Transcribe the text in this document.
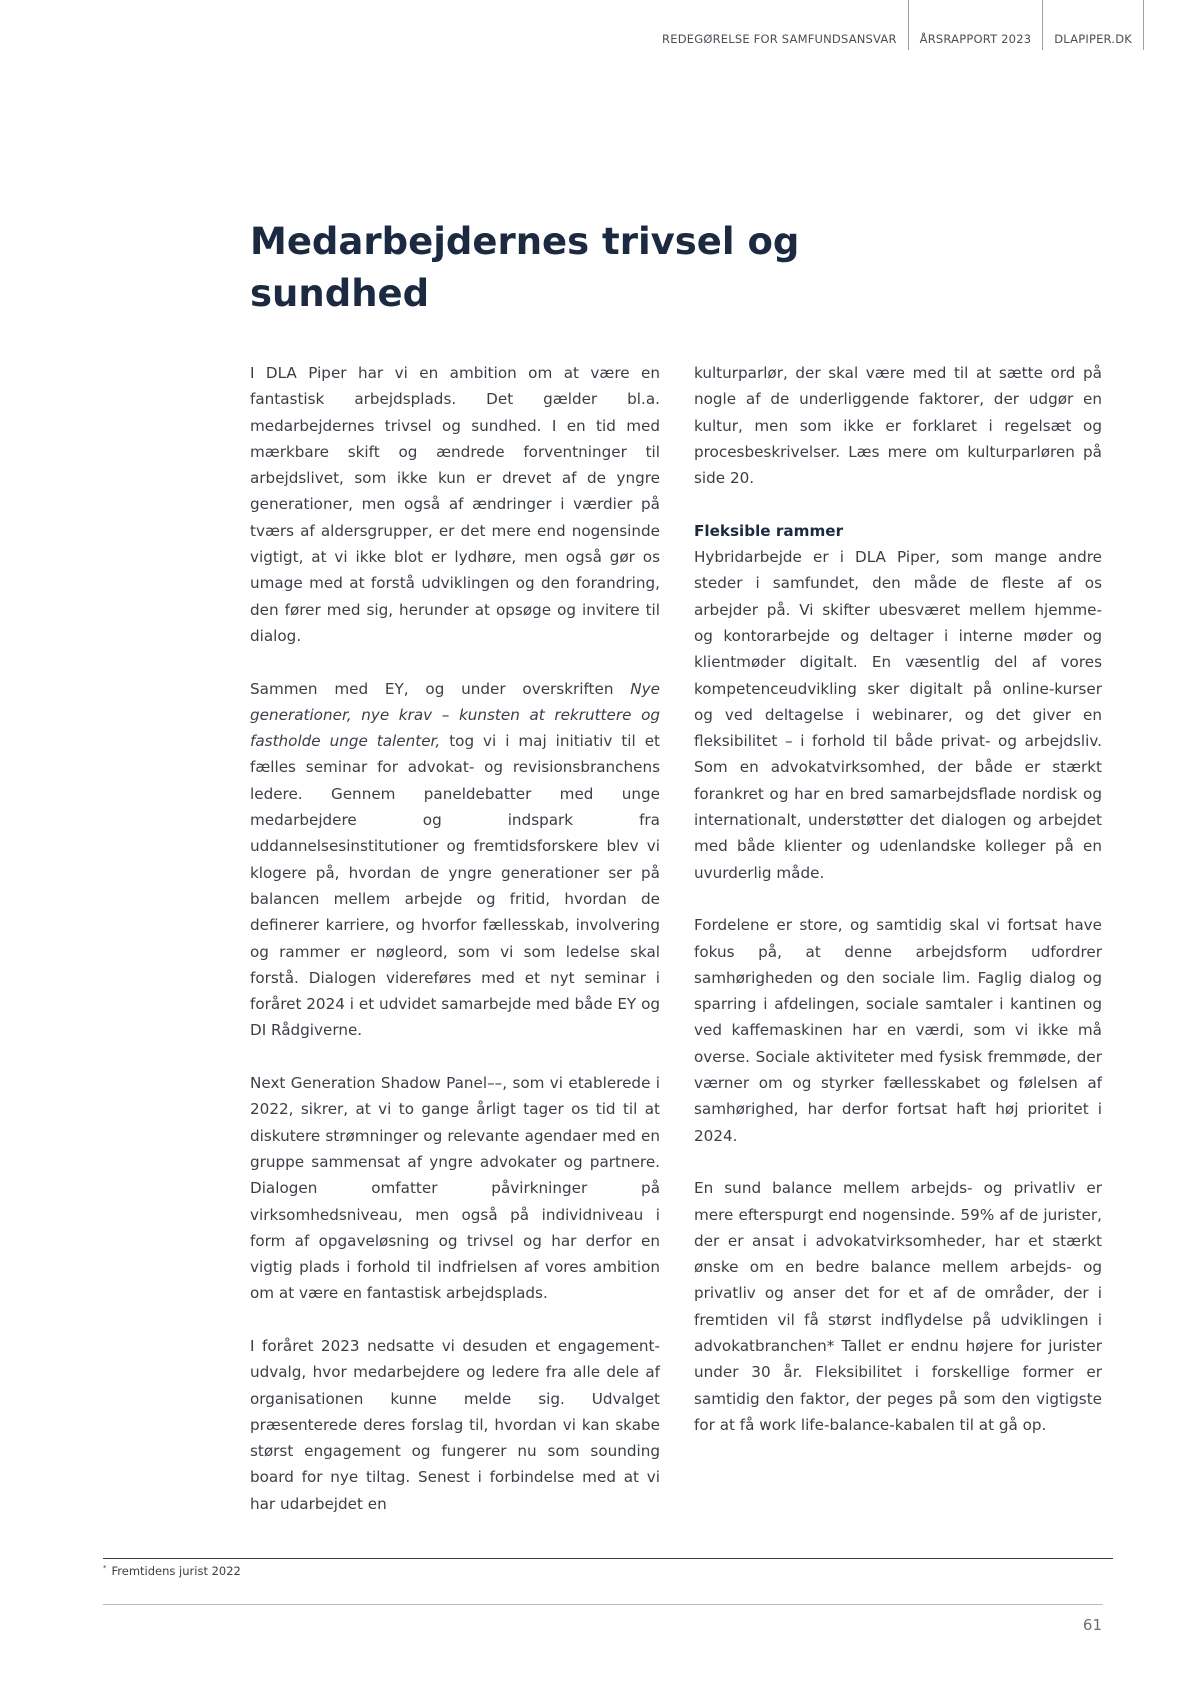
REDEGØRELSE FOR SAMFUNDSANSVAR	ÅRSRAPPORT 2023	DLAPIPER.DK
Medarbejdernes trivsel og sundhed

I DLA Piper har vi en ambition om at være en fantastisk arbejdsplads. Det gælder bl.a. medarbejdernes trivsel og sundhed. I en tid med mærkbare skift og ændrede forventninger til arbejdslivet, som ikke kun er drevet af de yngre generationer, men også af ændringer i værdier på tværs af aldersgrupper, er det mere end nogensinde vigtigt, at vi ikke blot er lydhøre, men også gør os umage med at forstå udviklingen og den forandring, den fører med sig, herunder at opsøge og invitere til dialog.

Sammen med EY, og under overskriften Nye generationer, nye krav – kunsten at rekruttere og fastholde unge talenter, tog vi i maj initiativ til et fælles seminar for advokat- og revisionsbranchens ledere. Gennem paneldebatter med unge medarbejdere og indspark fra uddannelsesinstitutioner og fremtidsforskere blev vi klogere på, hvordan de yngre generationer ser på balancen mellem arbejde og fritid, hvordan de definerer karriere, og hvorfor fællesskab, involvering og rammer er nøgleord, som vi som ledelse skal forstå. Dialogen videreføres med et nyt seminar i foråret 2024 i et udvidet samarbejde med både EY og DI Rådgiverne.

Next Generation Shadow Panel––, som vi etablerede i 2022, sikrer, at vi to gange årligt tager os tid til at diskutere strømninger og relevante agendaer med en gruppe sammensat af yngre advokater og partnere. Dialogen omfatter påvirkninger på virksomhedsniveau, men også på individniveau i form af opgaveløsning og trivsel og har derfor en vigtig plads i forhold til indfrielsen af vores ambition om at være en fantastisk arbejdsplads.

I foråret 2023 nedsatte vi desuden et engagement-udvalg, hvor medarbejdere og ledere fra alle dele af organisationen kunne melde sig. Udvalget præsenterede deres forslag til, hvordan vi kan skabe størst engagement og fungerer nu som sounding board for nye tiltag. Senest i forbindelse med at vi har udarbejdet en

kulturparlør, der skal være med til at sætte ord på nogle af de underliggende faktorer, der udgør en kultur, men som ikke er forklaret i regelsæt og procesbeskrivelser. Læs mere om kulturparløren på side 20.

Fleksible rammer

Hybridarbejde er i DLA Piper, som mange andre steder i samfundet, den måde de fleste af os arbejder på. Vi skifter ubesværet mellem hjemme- og kontorarbejde og deltager i interne møder og klientmøder digitalt. En væsentlig del af vores kompetenceudvikling sker digitalt på online-kurser og ved deltagelse i webinarer, og det giver en fleksibilitet – i forhold til både privat- og arbejdsliv. Som en advokatvirksomhed, der både er stærkt forankret og har en bred samarbejdsflade nordisk og internationalt, understøtter det dialogen og arbejdet med både klienter og udenlandske kolleger på en uvurderlig måde.

Fordelene er store, og samtidig skal vi fortsat have fokus på, at denne arbejdsform udfordrer samhørigheden og den sociale lim. Faglig dialog og sparring i afdelingen, sociale samtaler i kantinen og ved kaffemaskinen har en værdi, som vi ikke må overse. Sociale aktiviteter med fysisk fremmøde, der værner om og styrker fællesskabet og følelsen af samhørighed, har derfor fortsat haft høj prioritet i 2024.

En sund balance mellem arbejds- og privatliv er mere efterspurgt end nogensinde. 59% af de jurister, der er ansat i advokatvirksomheder, har et stærkt ønske om en bedre balance mellem arbejds- og privatliv og anser det for et af de områder, der i fremtiden vil få størst indflydelse på udviklingen i advokatbranchen* Tallet er endnu højere for jurister under 30 år. Fleksibilitet i forskellige former er samtidig den faktor, der peges på som den vigtigste for at få work life-balance-kabalen til at gå op.

* Fremtidens jurist 2022
61
